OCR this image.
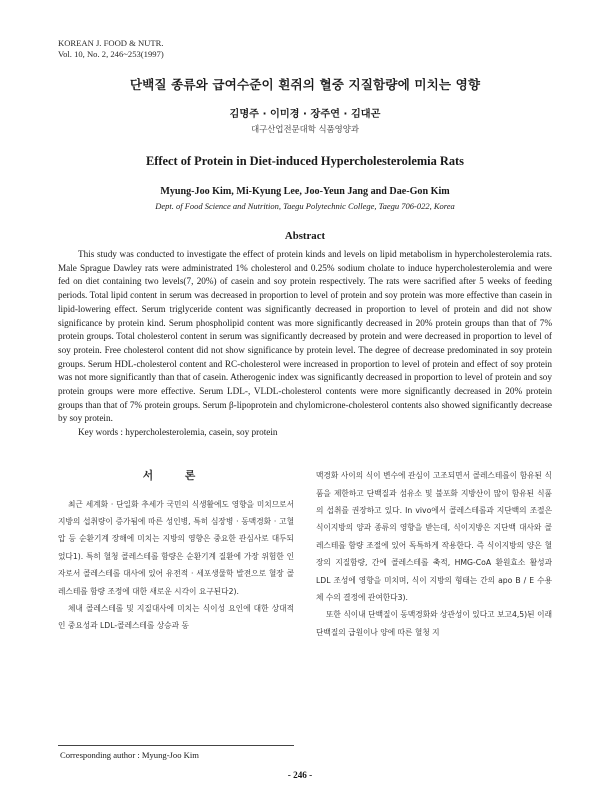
KOREAN J. FOOD & NUTR.
Vol. 10, No. 2, 246~253(1997)
단백질 종류와 급여수준이 흰쥐의 혈중 지질함량에 미치는 영향
김명주 · 이미경 · 장주연 · 김대곤
대구산업전문대학 식품영양과
Effect of Protein in Diet-induced Hypercholesterolemia Rats
Myung-Joo Kim, Mi-Kyung Lee, Joo-Yeun Jang and Dae-Gon Kim
Dept. of Food Science and Nutrition, Taegu Polytechnic College, Taegu 706-022, Korea
Abstract
This study was conducted to investigate the effect of protein kinds and levels on lipid metabolism in hypercholesterolemia rats. Male Sprague Dawley rats were administrated 1% cholesterol and 0.25% sodium cholate to induce hypercholesterolemia and were fed on diet containing two levels(7, 20%) of casein and soy protein respectively. The rats were sacrified after 5 weeks of feeding periods. Total lipid content in serum was decreased in proportion to level of protein and soy protein was more effective than casein in lipid-lowering effect. Serum triglyceride content was significantly decreased in proportion to level of protein and did not show significance by protein kind. Serum phospholipid content was more significantly decreased in 20% protein groups than that of 7% protein groups. Total cholesterol content in serum was significantly decreased by protein and were decreased in proportion to level of soy protein. Free cholesterol content did not show significance by protein level. The degree of decrease predominated in soy protein groups. Serum HDL-cholesterol content and RC-cholesterol were increased in proportion to level of protein and effect of soy protein was not more significantly than that of casein. Atherogenic index was significantly decreased in proportion to level of protein and soy protein groups were more effective. Serum LDL-, VLDL-cholesterol contents were more significantly decreased in 20% protein groups than that of 7% protein groups. Serum β-lipoprotein and chylomicrone-cholesterol contents also showed significantly decrease by soy protein.
Key words : hypercholesterolemia, casein, soy protein
서 론

최근 세계화 · 단일화 추세가 국민의 식생활에도 영향을 미치므로서 지방의 섭취량이 증가됨에 따른 성인병, 특히 심장병 · 동맥경화 · 고혈압 등 순환기계 장해에 미치는 지방의 영향은 중요한 관심사로 대두되었다1). 특히 혈청 콜레스테롤 함량은 순환기계 질환에 가장 위험한 인자로서 콜레스테롤 대사에 있어 유전적 · 세포생물학 발전으로 혈장 콜레스테롤 함량 조정에 대한 새로운 시각이 요구된다2).

체내 콜레스테롤 및 지질대사에 미치는 식이성 요인에 대한 상대적인 중요성과 LDL-콜레스테롤 상승과 동

맥경화 사이의 식이 변수에 관심이 고조되면서 콜레스테롤이 함유된 식품을 제한하고 단백질과 섬유소 및 불포화 지방산이 많이 함유된 식품의 섭취를 권장하고 있다. In vivo에서 콜레스테롤과 지단백의 조절은 식이지방의 양과 종류의 영향을 받는데, 식이지방은 지단백 대사와 콜레스테롤 함량 조절에 있어 독특하게 작용한다. 즉 식이지방의 양은 혈장의 지질함량, 간에 콜레스테롤 축적, HMG-CoA 환원효소 활성과 LDL 조성에 영향을 미치며, 식이 지방의 형태는 간의 apo B / E 수용체 수의 결정에 관여한다3).

또한 식이내 단백질이 동맥경화와 상관성이 있다고 보고4,5)된 이래 단백질의 급원이나 양에 따른 혈청 지

Corresponding author : Myung-Joo Kim
- 246 -
